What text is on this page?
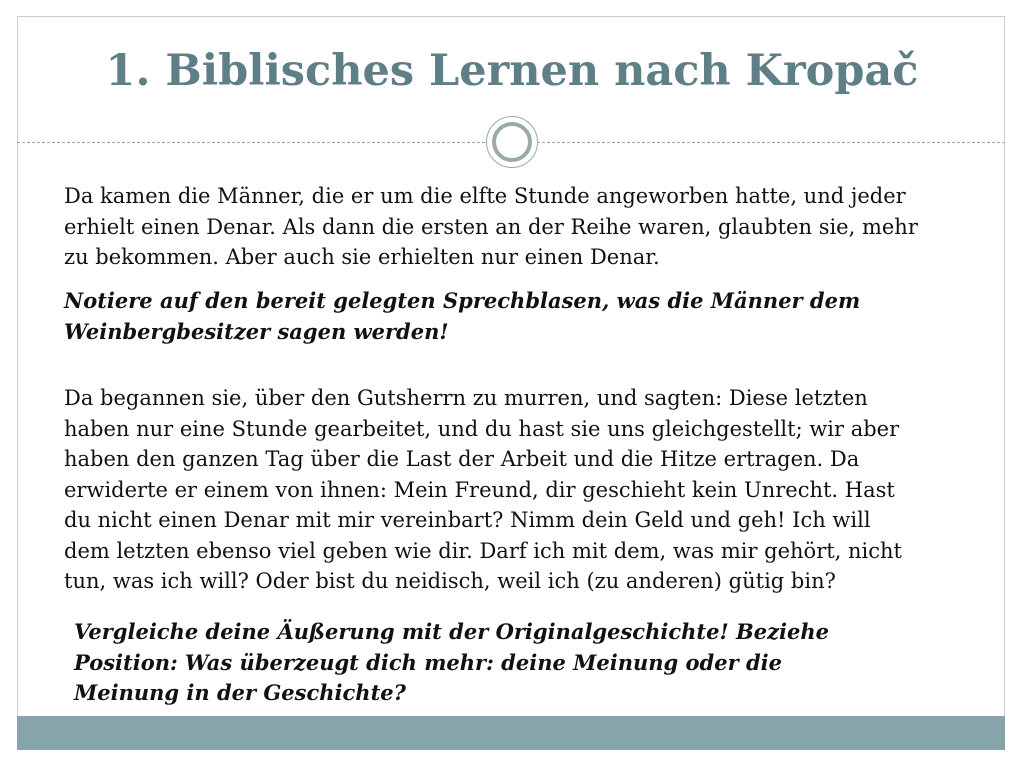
1. Biblisches Lernen nach Kropač

Da kamen die Männer, die er um die elfte Stunde angeworben hatte, und jeder
erhielt einen Denar. Als dann die ersten an der Reihe waren, glaubten sie, mehr
zu bekommen. Aber auch sie erhielten nur einen Denar.

Notiere auf den bereit gelegten Sprechblasen, was die Männer dem
Weinbergbesitzer sagen werden!

Da begannen sie, über den Gutsherrn zu murren, und sagten: Diese letzten
haben nur eine Stunde gearbeitet, und du hast sie uns gleichgestellt; wir aber
haben den ganzen Tag über die Last der Arbeit und die Hitze ertragen. Da
erwiderte er einem von ihnen: Mein Freund, dir geschieht kein Unrecht. Hast
du nicht einen Denar mit mir vereinbart? Nimm dein Geld und geh! Ich will
dem letzten ebenso viel geben wie dir. Darf ich mit dem, was mir gehört, nicht
tun, was ich will? Oder bist du neidisch, weil ich (zu anderen) gütig bin?

Vergleiche deine Äußerung mit der Originalgeschichte! Beziehe
Position: Was überzeugt dich mehr: deine Meinung oder die
Meinung in der Geschichte?
